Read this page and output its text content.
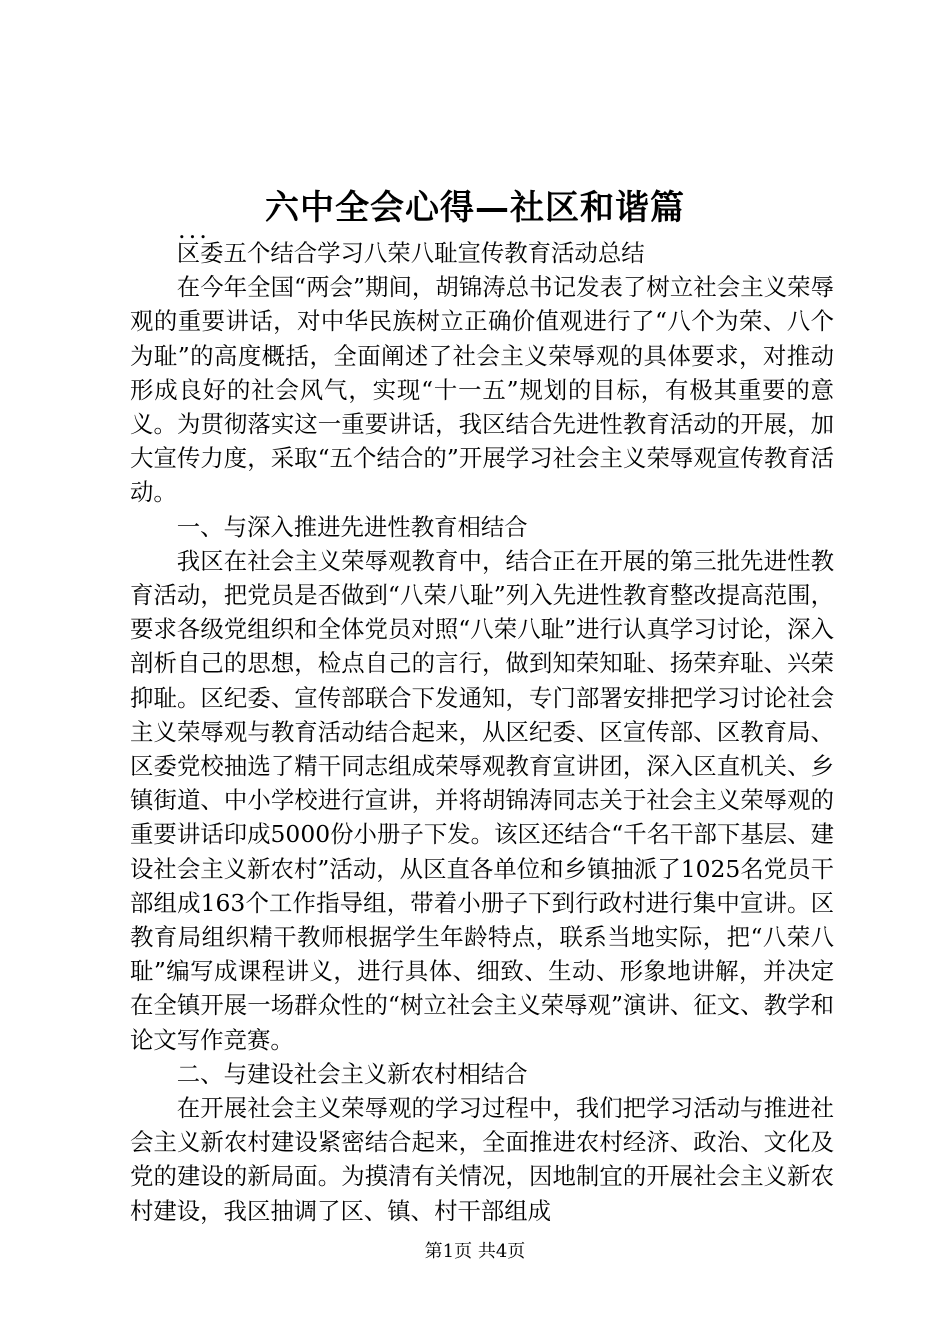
六中全会心得—社区和谐篇
...

区委五个结合学习八荣八耻宣传教育活动总结

在今年全国“两会”期间，胡锦涛总书记发表了树立社会主义荣辱观的重要讲话，对中华民族树立正确价值观进行了“八个为荣、八个为耻”的高度概括，全面阐述了社会主义荣辱观的具体要求，对推动形成良好的社会风气，实现“十一五”规划的目标，有极其重要的意义。为贯彻落实这一重要讲话，我区结合先进性教育活动的开展，加大宣传力度，采取“五个结合的”开展学习社会主义荣辱观宣传教育活动。

一、与深入推进先进性教育相结合

我区在社会主义荣辱观教育中，结合正在开展的第三批先进性教育活动，把党员是否做到“八荣八耻”列入先进性教育整改提高范围，要求各级党组织和全体党员对照“八荣八耻”进行认真学习讨论，深入剖析自己的思想，检点自己的言行，做到知荣知耻、扬荣弃耻、兴荣抑耻。区纪委、宣传部联合下发通知，专门部署安排把学习讨论社会主义荣辱观与教育活动结合起来，从区纪委、区宣传部、区教育局、区委党校抽选了精干同志组成荣辱观教育宣讲团，深入区直机关、乡镇街道、中小学校进行宣讲，并将胡锦涛同志关于社会主义荣辱观的重要讲话印成5000份小册子下发。该区还结合“千名干部下基层、建设社会主义新农村”活动，从区直各单位和乡镇抽派了1025名党员干部组成163个工作指导组，带着小册子下到行政村进行集中宣讲。区教育局组织精干教师根据学生年龄特点，联系当地实际，把“八荣八耻”编写成课程讲义，进行具体、细致、生动、形象地讲解，并决定在全镇开展一场群众性的“树立社会主义荣辱观”演讲、征文、教学和论文写作竞赛。

二、与建设社会主义新农村相结合

在开展社会主义荣辱观的学习过程中，我们把学习活动与推进社会主义新农村建设紧密结合起来，全面推进农村经济、政治、文化及党的建设的新局面。为摸清有关情况，因地制宜的开展社会主义新农村建设，我区抽调了区、镇、村干部组成

第1页 共4页
